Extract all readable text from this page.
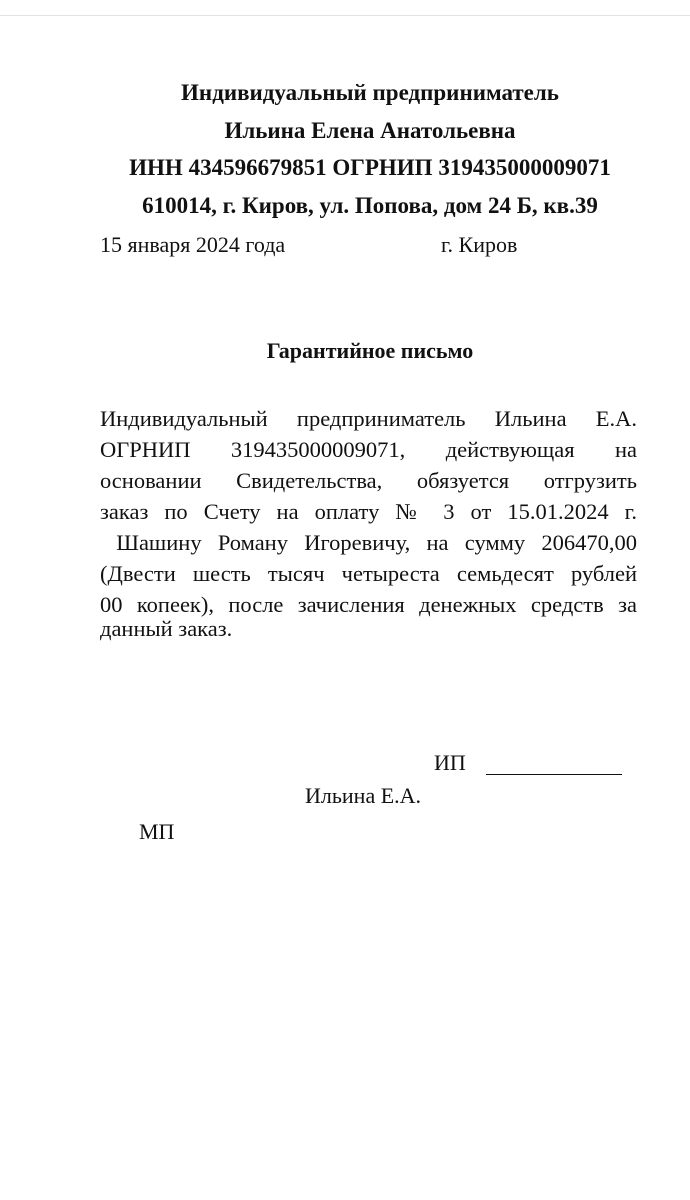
Индивидуальный предприниматель
Ильина Елена Анатольевна
ИНН 434596679851 ОГРНИП 319435000009071
610014, г. Киров, ул. Попова, дом 24 Б, кв.39
15 января 2024 года	г. Киров
Гарантийное письмо
Индивидуальный предприниматель Ильина Е.А.
ОГРНИП 319435000009071, действующая на
основании Свидетельства, обязуется отгрузить
заказ по Счету на оплату № 3 от 15.01.2024 г.
Шашину Роману Игоревичу, на сумму 206470,00
(Двести шесть тысяч четыреста семьдесят рублей
00 копеек), после зачисления денежных средств за
данный заказ.
ИП
Ильина Е.А.
МП
